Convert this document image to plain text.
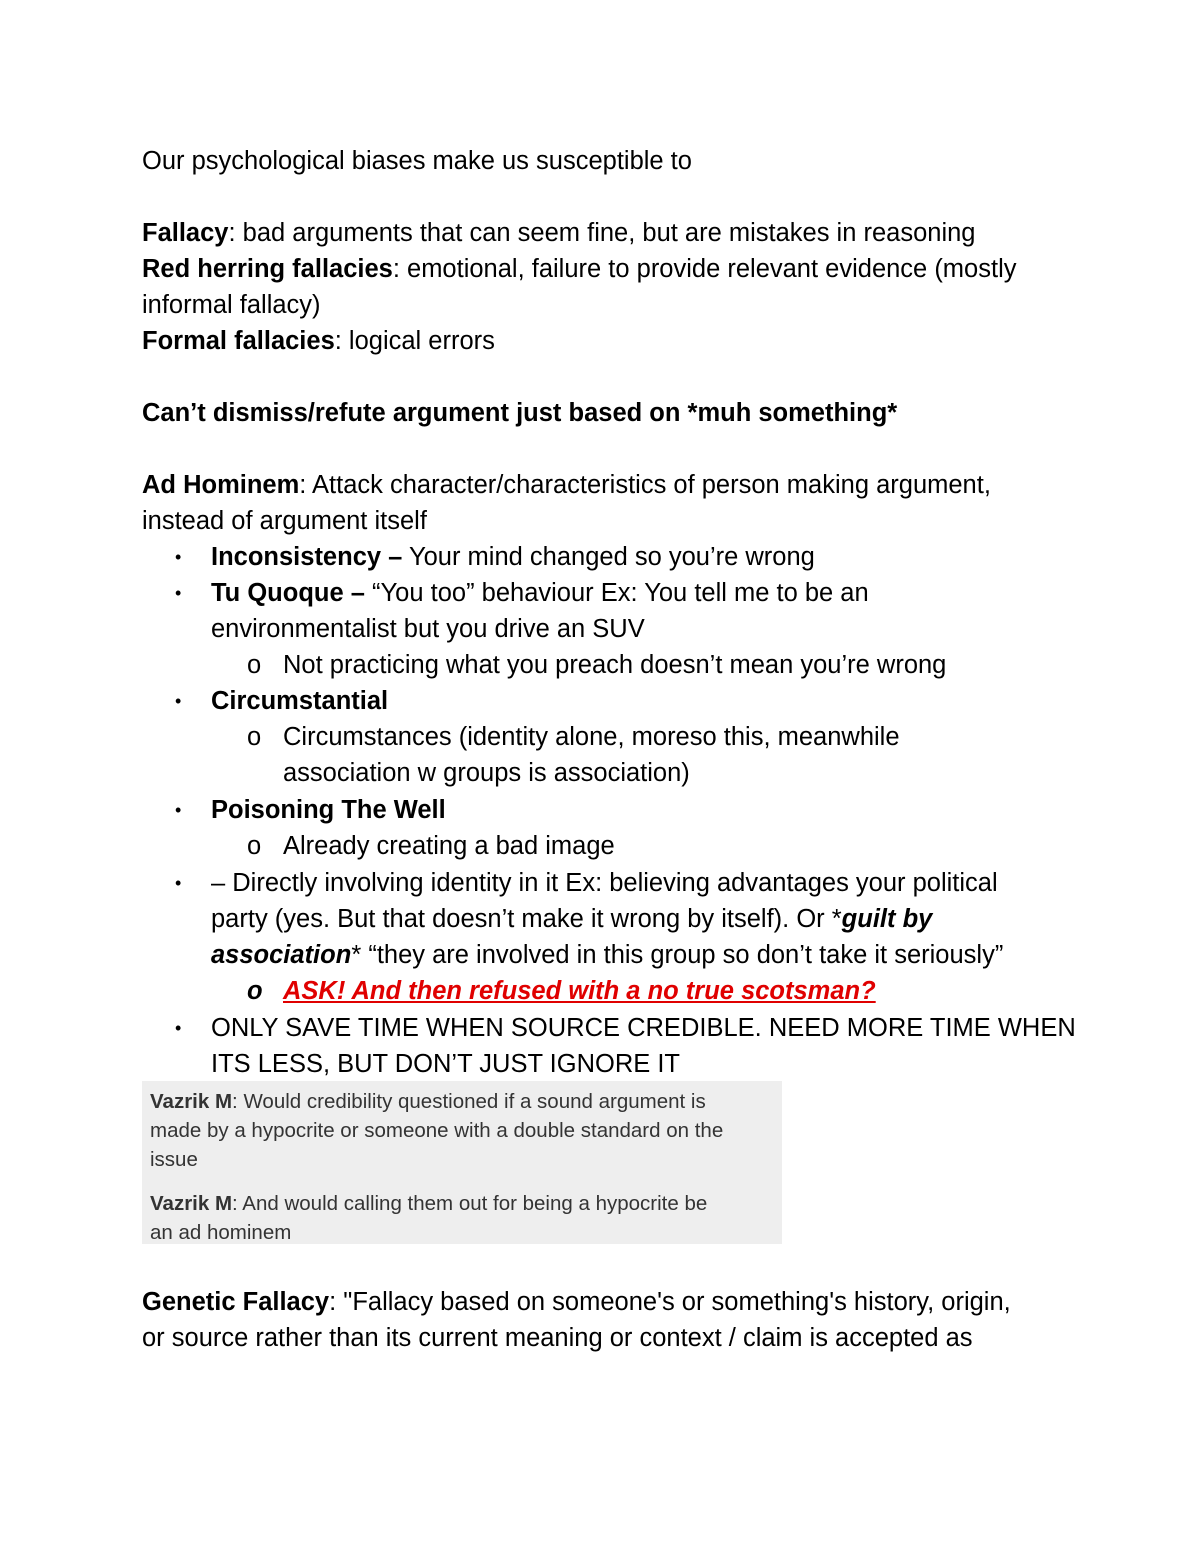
Our psychological biases make us susceptible to
Fallacy: bad arguments that can seem fine, but are mistakes in reasoning
Red herring fallacies: emotional, failure to provide relevant evidence (mostly
informal fallacy)
Formal fallacies: logical errors
Can’t dismiss/refute argument just based on *muh something*
Ad Hominem: Attack character/characteristics of person making argument,
instead of argument itself
• Inconsistency – Your mind changed so you’re wrong
• Tu Quoque – “You too” behaviour Ex: You tell me to be an
environmentalist but you drive an SUV
o Not practicing what you preach doesn’t mean you’re wrong
• Circumstantial
o Circumstances (identity alone, moreso this, meanwhile
association w groups is association)
• Poisoning The Well
o Already creating a bad image
• – Directly involving identity in it Ex: believing advantages your political
party (yes. But that doesn’t make it wrong by itself). Or *guilt by
association* “they are involved in this group so don’t take it seriously”
o ASK! And then refused with a no true scotsman?
• ONLY SAVE TIME WHEN SOURCE CREDIBLE. NEED MORE TIME WHEN
ITS LESS, BUT DON’T JUST IGNORE IT
Vazrik M: Would credibility questioned if a sound argument is
made by a hypocrite or someone with a double standard on the
issue
Vazrik M: And would calling them out for being a hypocrite be
an ad hominem
Genetic Fallacy: "Fallacy based on someone's or something's history, origin,
or source rather than its current meaning or context / claim is accepted as
